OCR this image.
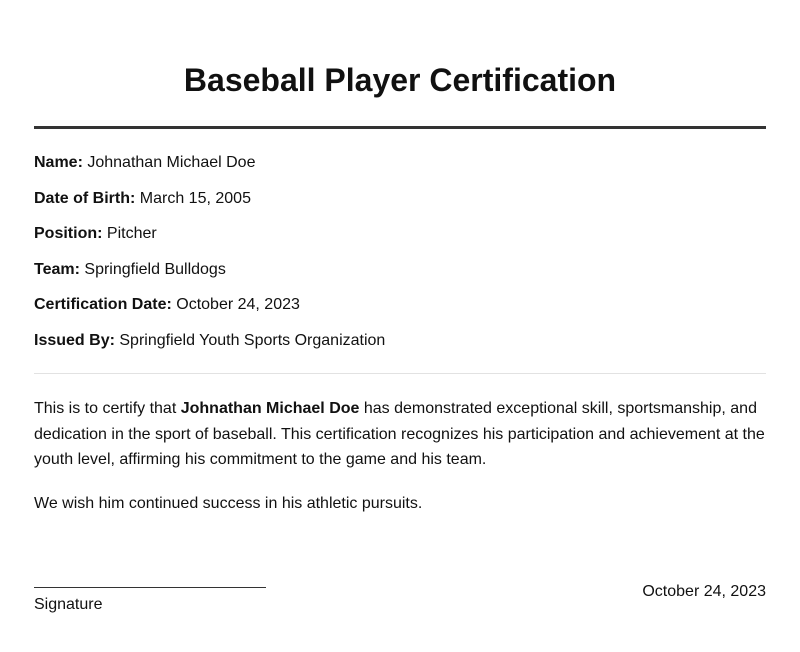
Baseball Player Certification
Name: Johnathan Michael Doe
Date of Birth: March 15, 2005
Position: Pitcher
Team: Springfield Bulldogs
Certification Date: October 24, 2023
Issued By: Springfield Youth Sports Organization

This is to certify that Johnathan Michael Doe has demonstrated exceptional skill, sportsmanship, and dedication in the sport of baseball. This certification recognizes his participation and achievement at the youth level, affirming his commitment to the game and his team.

We wish him continued success in his athletic pursuits.

Signature
October 24, 2023
